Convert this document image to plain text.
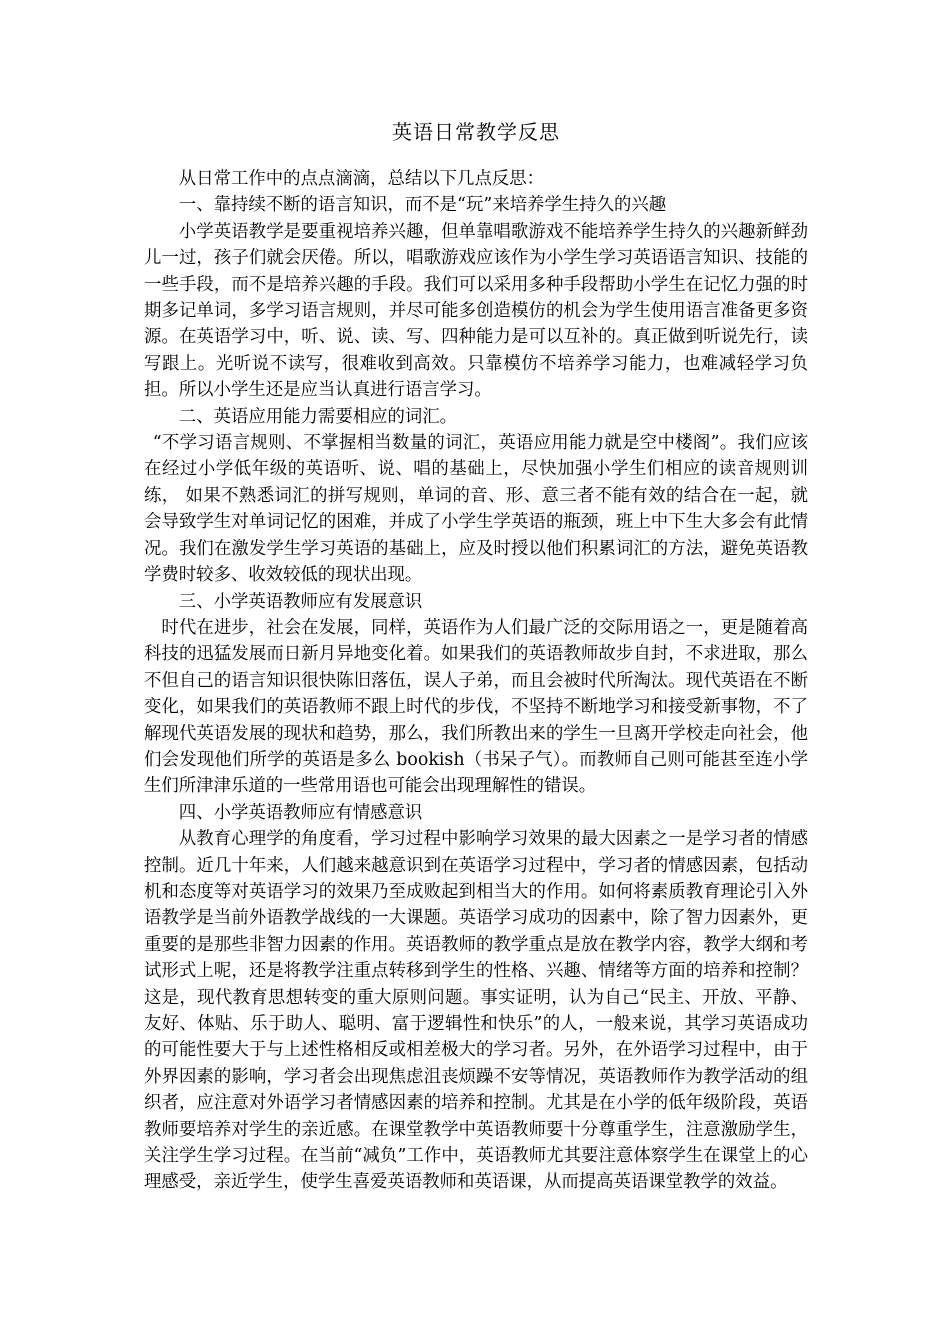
英语日常教学反思

从日常工作中的点点滴滴，总结以下几点反思：

一、靠持续不断的语言知识，而不是“玩”来培养学生持久的兴趣

小学英语教学是要重视培养兴趣，但单靠唱歌游戏不能培养学生持久的兴趣新鲜劲儿一过，孩子们就会厌倦。所以，唱歌游戏应该作为小学生学习英语语言知识、技能的一些手段，而不是培养兴趣的手段。我们可以采用多种手段帮助小学生在记忆力强的时期多记单词，多学习语言规则，并尽可能多创造模仿的机会为学生使用语言准备更多资源。在英语学习中，听、说、读、写、四种能力是可以互补的。真正做到听说先行，读写跟上。光听说不读写，很难收到高效。只靠模仿不培养学习能力，也难减轻学习负担。所以小学生还是应当认真进行语言学习。

二、英语应用能力需要相应的词汇。

“不学习语言规则、不掌握相当数量的词汇，英语应用能力就是空中楼阁”。我们应该在经过小学低年级的英语听、说、唱的基础上，尽快加强小学生们相应的读音规则训练， 如果不熟悉词汇的拼写规则，单词的音、形、意三者不能有效的结合在一起，就会导致学生对单词记忆的困难，并成了小学生学英语的瓶颈，班上中下生大多会有此情况。我们在激发学生学习英语的基础上，应及时授以他们积累词汇的方法，避免英语教学费时较多、收效较低的现状出现。

三、小学英语教师应有发展意识

时代在进步，社会在发展，同样，英语作为人们最广泛的交际用语之一，更是随着高科技的迅猛发展而日新月异地变化着。如果我们的英语教师故步自封，不求进取，那么不但自己的语言知识很快陈旧落伍，误人子弟，而且会被时代所淘汰。现代英语在不断变化，如果我们的英语教师不跟上时代的步伐，不坚持不断地学习和接受新事物，不了解现代英语发展的现状和趋势，那么，我们所教出来的学生一旦离开学校走向社会，他们会发现他们所学的英语是多么 bookish（书呆子气）。而教师自己则可能甚至连小学生们所津津乐道的一些常用语也可能会出现理解性的错误。

四、小学英语教师应有情感意识

从教育心理学的角度看，学习过程中影响学习效果的最大因素之一是学习者的情感控制。近几十年来，人们越来越意识到在英语学习过程中，学习者的情感因素，包括动机和态度等对英语学习的效果乃至成败起到相当大的作用。如何将素质教育理论引入外语教学是当前外语教学战线的一大课题。英语学习成功的因素中，除了智力因素外，更重要的是那些非智力因素的作用。英语教师的教学重点是放在教学内容，教学大纲和考试形式上呢，还是将教学注重点转移到学生的性格、兴趣、情绪等方面的培养和控制？这是，现代教育思想转变的重大原则问题。事实证明，认为自己“民主、开放、平静、友好、体贴、乐于助人、聪明、富于逻辑性和快乐”的人，一般来说，其学习英语成功的可能性要大于与上述性格相反或相差极大的学习者。另外，在外语学习过程中，由于外界因素的影响，学习者会出现焦虑沮丧烦躁不安等情况，英语教师作为教学活动的组织者，应注意对外语学习者情感因素的培养和控制。尤其是在小学的低年级阶段，英语教师要培养对学生的亲近感。在课堂教学中英语教师要十分尊重学生，注意激励学生，关注学生学习过程。在当前“减负”工作中，英语教师尤其要注意体察学生在课堂上的心理感受，亲近学生，使学生喜爱英语教师和英语课，从而提高英语课堂教学的效益。
